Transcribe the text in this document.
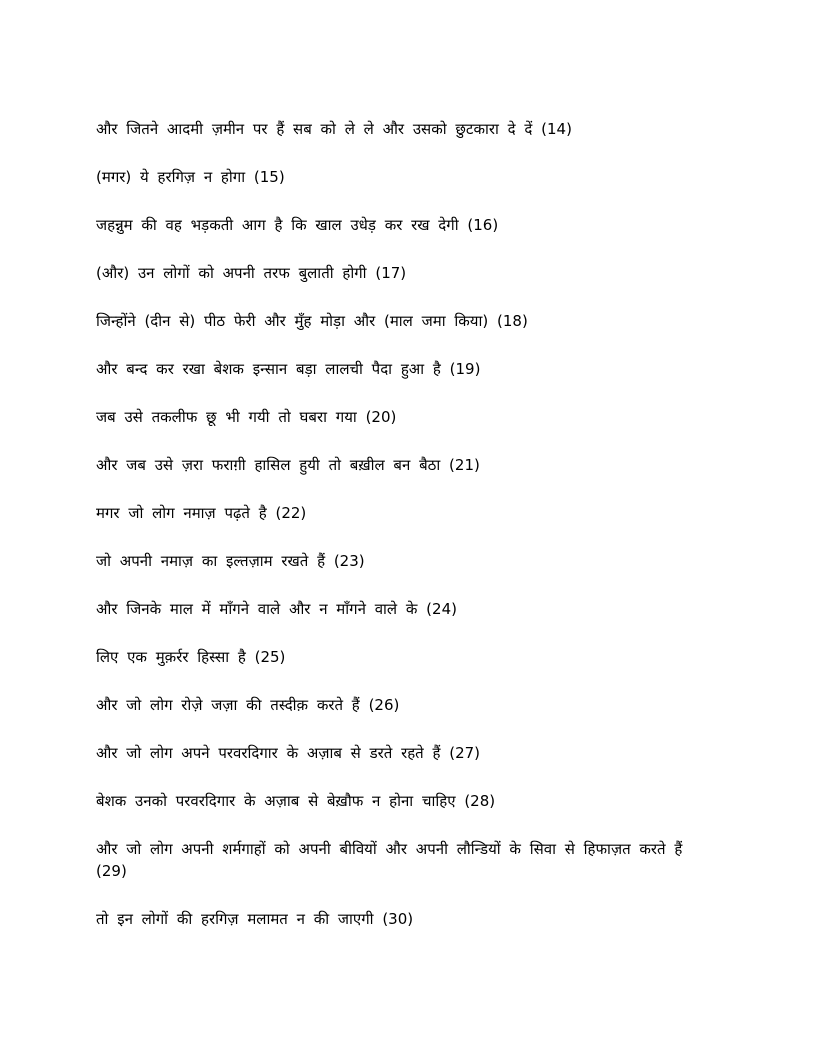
और जितने आदमी ज़मीन पर हैं सब को ले ले और उसको छुटकारा दे दें (14)

(मगर) ये हरगिज़ न होगा (15)

जहन्नुम की वह भड़कती आग है कि खाल उधेड़ कर रख देगी (16)

(और) उन लोगों को अपनी तरफ बुलाती होगी (17)

जिन्होंने (दीन से) पीठ फेरी और मुँह मोड़ा और (माल जमा किया) (18)

और बन्द कर रखा बेशक इन्सान बड़ा लालची पैदा हुआ है (19)

जब उसे तकलीफ छू भी गयी तो घबरा गया (20)

और जब उसे ज़रा फराग़ी हासिल हुयी तो बख़ील बन बैठा (21)

मगर जो लोग नमाज़ पढ़ते है (22)

जो अपनी नमाज़ का इल्तज़ाम रखते हैं (23)

और जिनके माल में माँगने वाले और न माँगने वाले के (24)

लिए एक मुक़र्रर हिस्सा है (25)

और जो लोग रोजे़ जज़ा की तस्दीक़ करते हैं (26)

और जो लोग अपने परवरदिगार के अज़ाब से डरते रहते हैं (27)

बेशक उनको परवरदिगार के अज़ाब से बेख़ौफ न होना चाहिए (28)

और जो लोग अपनी शर्मगाहों को अपनी बीवियों और अपनी लौन्डियों के सिवा से हिफाज़त करते हैं (29)

तो इन लोगों की हरगिज़ मलामत न की जाएगी (30)
